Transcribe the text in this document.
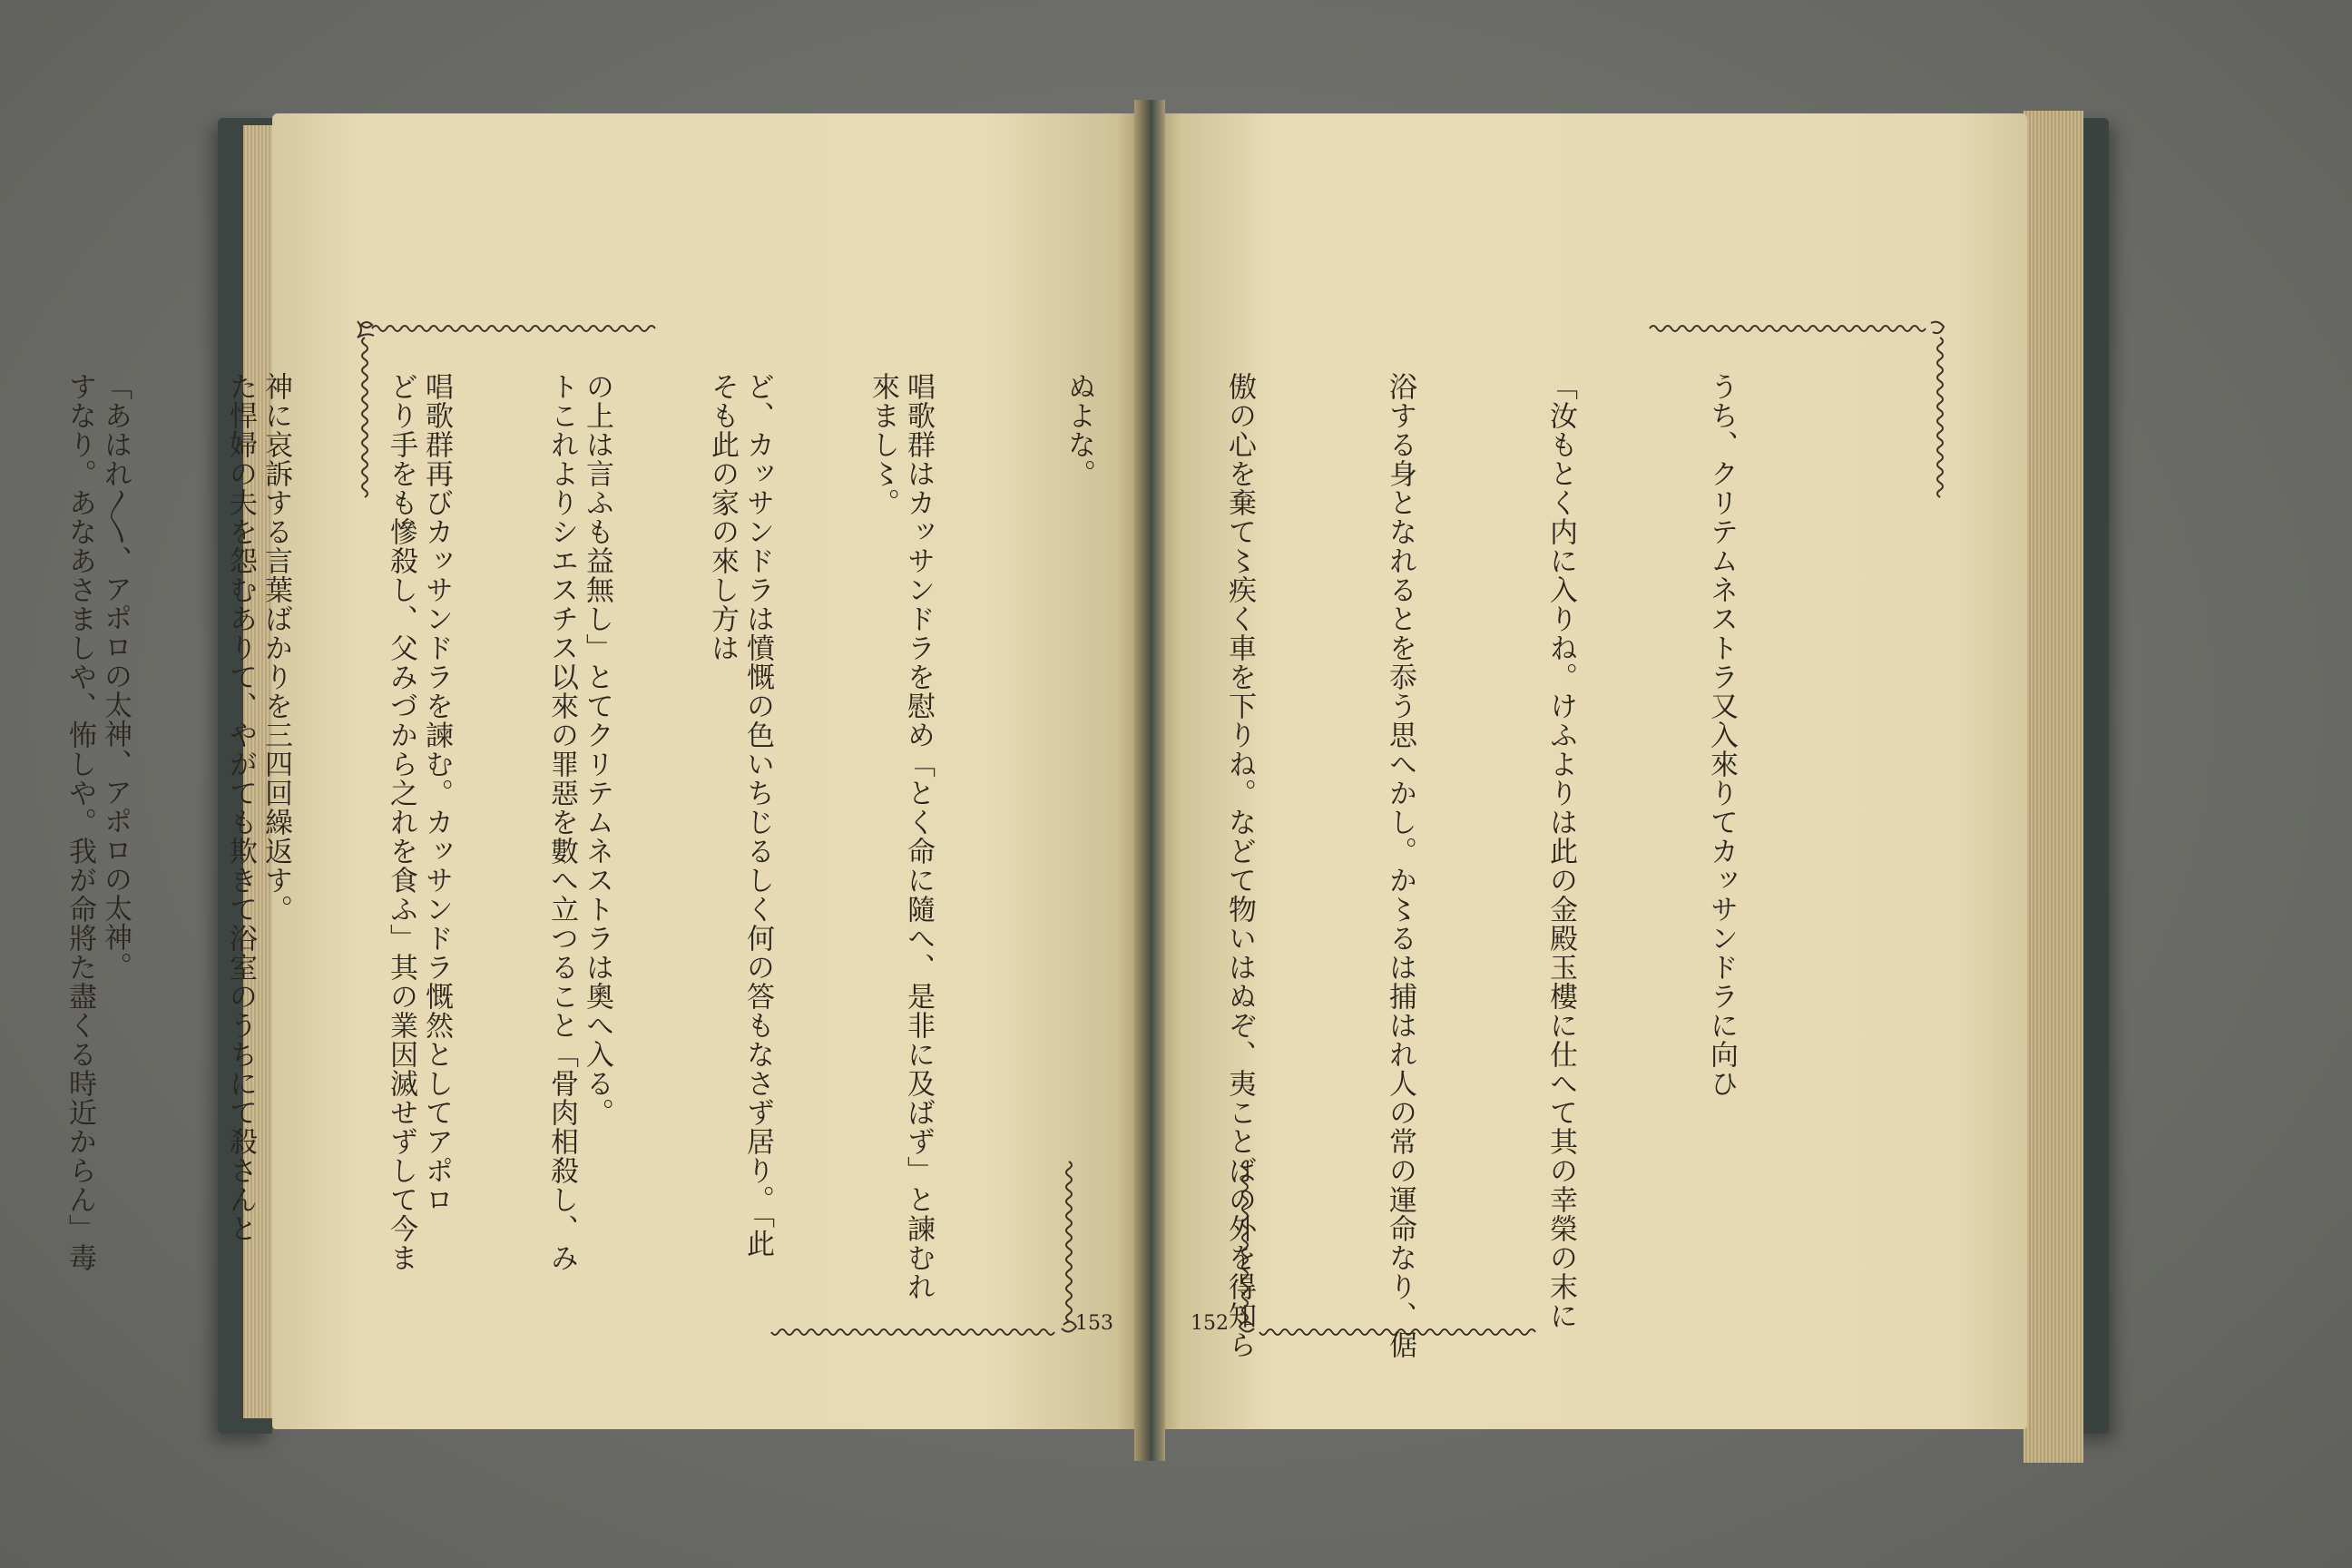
來まし〻。

そも此の家の來し方は

トこれよりシエスチス以來の罪惡を數へ立つること「骨肉相殺し、み

どり手をも慘殺し、父みづから之れを食ふ」其の業因滅せずして今ま

た悍婦の夫を怨むありて、やがても欺きて浴室のうちにて殺さんと

すなり。あなあさましや、怖しや。我が命將た盡くる時近からん」毒

	うち、クリテムネストラ又入來りてカッサンドラに向ひ

「汝もとく内に入りね。けふよりは此の金殿玉樓に仕へて其の幸榮の末に

浴する身となれるとを忝う思へかし。か〻るは捕はれ人の常の運命なり、倨

傲の心を棄て〻疾く車を下りね。などて物いはぬぞ、夷ことばの外を得知ら

ぬよな。

唱歌群はカッサンドラを慰め「とく命に隨へ、是非に及ばず」と諫むれ

ど、カッサンドラは憤慨の色いちじるしく何の答もなさず居り。「此

の上は言ふも益無し」とてクリテムネストラは奧へ入る。

唱歌群再びカッサンドラを諫む。カッサンドラ慨然としてアポロ

神に哀訴する言葉ばかりを三四回繰返す。

「あはれ〳〵、アポロの太神、アポロの太神。

153	152
